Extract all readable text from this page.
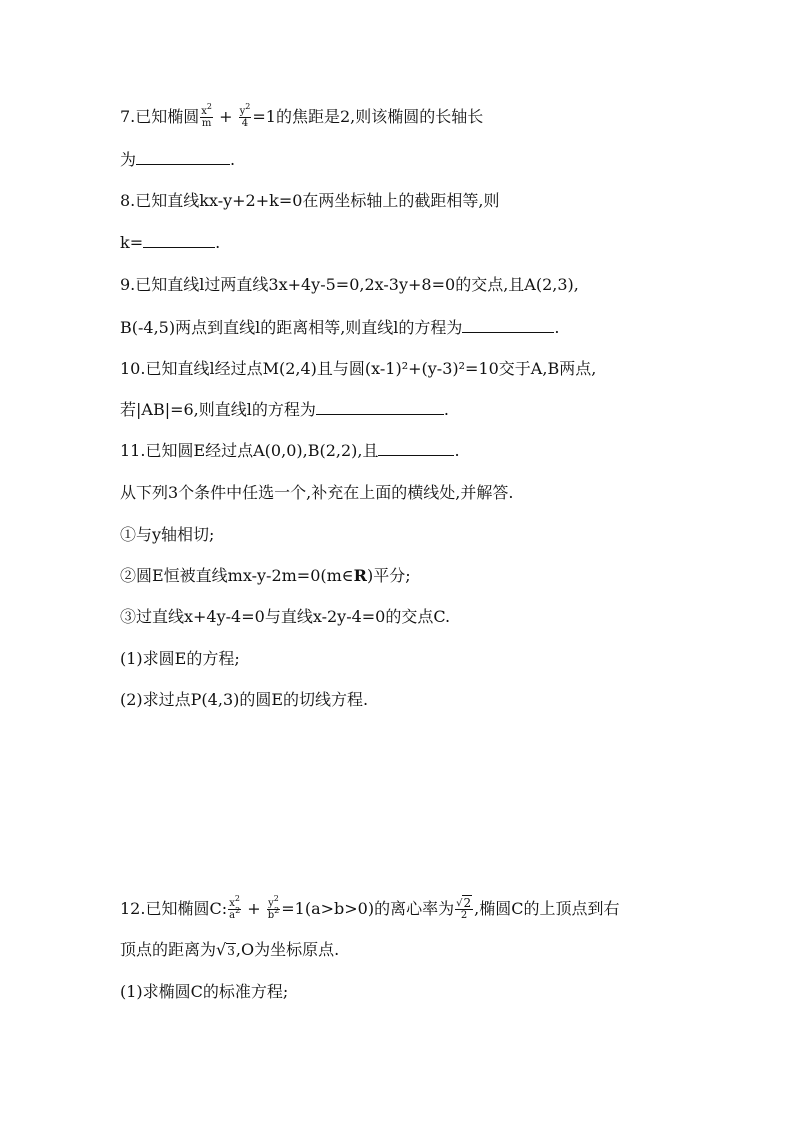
7.已知椭圆 $\frac{x^2}{m} + \frac{y^2}{4} =1$的焦距是2,则该椭圆的长轴长
为	.
8.已知直线kx-y+2+k=0在两坐标轴上的截距相等,则
k=	.
9.已知直线l过两直线3x+4y-5=0,2x-3y+8=0的交点,且A(2,3),
B(-4,5)两点到直线l的距离相等,则直线l的方程为	.
10.已知直线l经过点M(2,4)且与圆(x-1)²+(y-3)²=10交于A,B两点,
若|AB|=6,则直线l的方程为	.
11.已知圆E经过点A(0,0),B(2,2),且	.
从下列3个条件中任选一个,补充在上面的横线处,并解答.
①与y轴相切;
②圆E恒被直线mx-y-2m=0(m∈R)平分;
③过直线x+4y-4=0与直线x-2y-4=0的交点C.
(1)求圆E的方程;
(2)求过点P(4,3)的圆E的切线方程.
12.已知椭圆C: $\frac{x^2}{a^2} + \frac{y^2}{b^2} =1(a>b>0)$的离心率为 $\frac{√2}{2}$ ,椭圆C的上顶点到右
顶点的距离为√3,O为坐标原点.
(1)求椭圆C的标准方程;
